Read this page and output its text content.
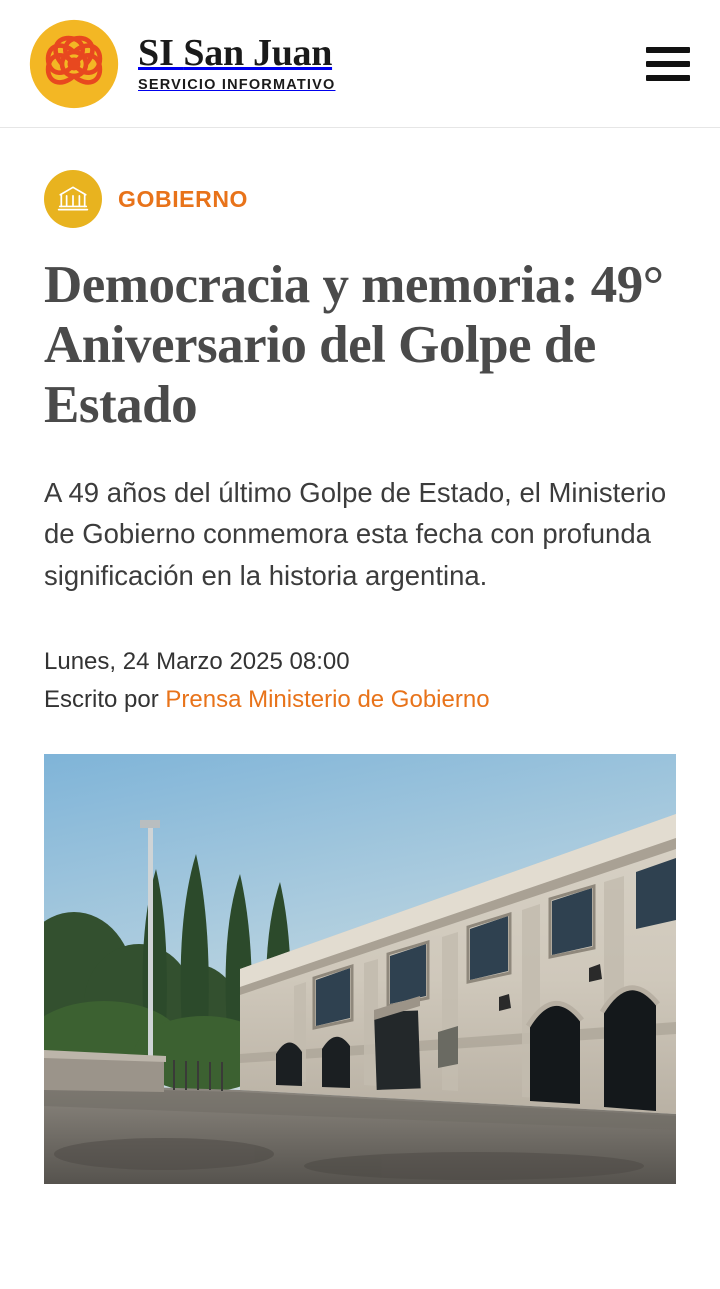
SI San Juan
SERVICIO INFORMATIVO
GOBIERNO
Democracia y memoria: 49° Aniversario del Golpe de Estado

A 49 años del último Golpe de Estado, el Ministerio de Gobierno conmemora esta fecha con profunda significación en la historia argentina.

Lunes, 24 Marzo 2025 08:00
Escrito por Prensa Ministerio de Gobierno
